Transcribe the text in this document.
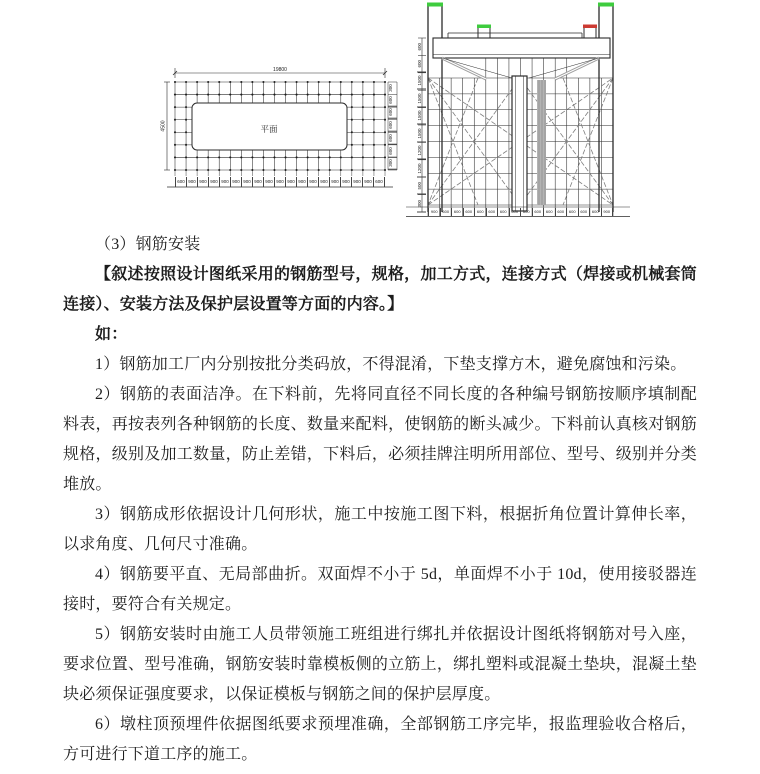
19800
平面
4500
600 900 900 900 900 900 900 900 900 900 900 900 900 900 900 900 900 900 600
300
600
600
600
600
600
300
600
600
1500
1500
1500
1500
1200
1200
500
300
900	600	600	600	600	600	600	600	600	600	600	600	600	600	600	900

（3）钢筋安装

【叙述按照设计图纸采用的钢筋型号，规格，加工方式，连接方式（焊接或机械套筒连接）、安装方法及保护层设置等方面的内容。】

如：

1）钢筋加工厂内分别按批分类码放，不得混淆，下垫支撑方木，避免腐蚀和污染。

2）钢筋的表面洁净。在下料前，先将同直径不同长度的各种编号钢筋按顺序填制配料表，再按表列各种钢筋的长度、数量来配料，使钢筋的断头减少。下料前认真核对钢筋规格，级别及加工数量，防止差错，下料后，必须挂牌注明所用部位、型号、级别并分类堆放。

3）钢筋成形依据设计几何形状，施工中按施工图下料，根据折角位置计算伸长率，以求角度、几何尺寸准确。

4）钢筋要平直、无局部曲折。双面焊不小于 5d，单面焊不小于 10d，使用接驳器连接时，要符合有关规定。

5）钢筋安装时由施工人员带领施工班组进行绑扎并依据设计图纸将钢筋对号入座，要求位置、型号准确，钢筋安装时靠模板侧的立筋上，绑扎塑料或混凝土垫块，混凝土垫块必须保证强度要求，以保证模板与钢筋之间的保护层厚度。

6）墩柱顶预埋件依据图纸要求预埋准确，全部钢筋工序完毕，报监理验收合格后，方可进行下道工序的施工。
